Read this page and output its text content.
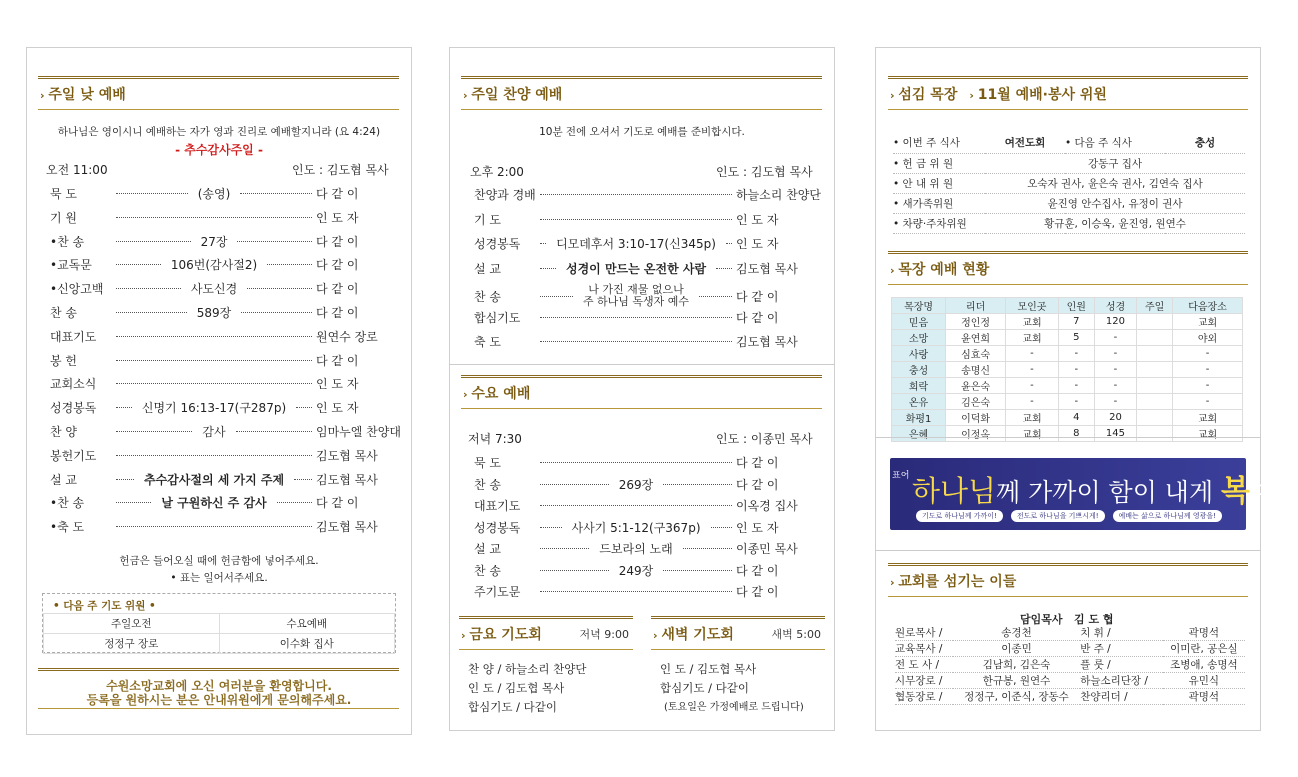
› 주일 낮 예배
하나님은 영이시니 예배하는 자가 영과 진리로 예배할지니라 (요 4:24)
- 추수감사주일 -
오전 11:00	인도 : 김도협 목사
묵 도	(송영)	다 같 이
기 원	인 도 자
•찬 송	27장	다 같 이
•교독문	106번(감사절2)	다 같 이
•신앙고백	사도신경	다 같 이
찬 송	589장	다 같 이
대표기도	원연수 장로
봉 헌	다 같 이
교회소식	인 도 자
성경봉독	신명기 16:13-17(구287p)	인 도 자
찬 양	감사	임마누엘 찬양대
봉헌기도	김도협 목사
설 교	추수감사절의 세 가지 주제	김도협 목사
•찬 송	날 구원하신 주 감사	다 같 이
•축 도	김도협 목사
헌금은 들어오실 때에 헌금함에 넣어주세요.
• 표는 일어서주세요.
• 다음 주 기도 위원 •
주일오전	수요예배
정정구 장로	이수화 집사
수원소망교회에 오신 여러분을 환영합니다.
등록을 원하시는 분은 안내위원에게 문의해주세요.
› 주일 찬양 예배
10분 전에 오셔서 기도로 예배를 준비합시다.
오후 2:00	인도 : 김도협 목사
찬양과 경배	하늘소리 찬양단
기 도	인 도 자
성경봉독	디모데후서 3:10-17(신345p)	인 도 자
설 교	성경이 만드는 온전한 사람	김도협 목사
찬 송	나 가진 재물 없으나
주 하나님 독생자 예수	다 같 이
합심기도	다 같 이
축 도	김도협 목사
› 수요 예배
저녁 7:30	인도 : 이종민 목사
묵 도	다 같 이
찬 송	269장	다 같 이
대표기도	이옥경 집사
성경봉독	사사기 5:1-12(구367p)	인 도 자
설 교	드보라의 노래	이종민 목사
찬 송	249장	다 같 이
주기도문	다 같 이
› 금요 기도회	저녁 9:00
찬 양 / 하늘소리 찬양단
인 도 / 김도협 목사
합심기도 / 다같이
› 새벽 기도회	새벽 5:00
인 도 / 김도협 목사
합심기도 / 다같이
(토요일은 가정예배로 드립니다)
› 섬김 목장	› 11월 예배·봉사 위원
• 이번 주 식사	여전도회	• 다음 주 식사	충성
• 헌 금 위 원	강동구 집사		
• 안 내 위 원	오숙자 권사, 윤은숙 권사, 김연숙 집사		
• 새가족위원	윤진영 안수집사, 유정이 권사		
• 차량·주차위원	황규훈, 이승욱, 윤진영, 원연수		
› 목장 예배 현황
목장명	리더	모인곳	인원	성경	주일	다음장소
믿음	정인정	교회	7	120		교회
소망	윤연희	교회	5	-		야외
사랑	심효숙	-	-	-		-
충성	송명신	-	-	-		-
희락	윤은숙	-	-	-		-
온유	김은숙	-	-	-		-
화평1	이덕화	교회	4	20		교회
은혜	이정옥	교회	8	145		교회
표어 하나님께 가까이 함이 내게 복이라
기도로 하나님께 가까이!	전도로 하나님을 기쁘시게!	예배는 삶으로 하나님께 영광을!
› 교회를 섬기는 이들
담임목사 김 도 협
원로목사 /	송경천	치 휘 /	곽명석
교육목사 /	이종민	반 주 /	이미란, 공은실
전 도 사 /	김남희, 김은숙	플 룻 /	조병애, 송명석
시무장로 /	한규봉, 원연수	하늘소리단장 /	유민식
협동장로 /	정정구, 이준식, 장동수	찬양리더 /	곽명석
